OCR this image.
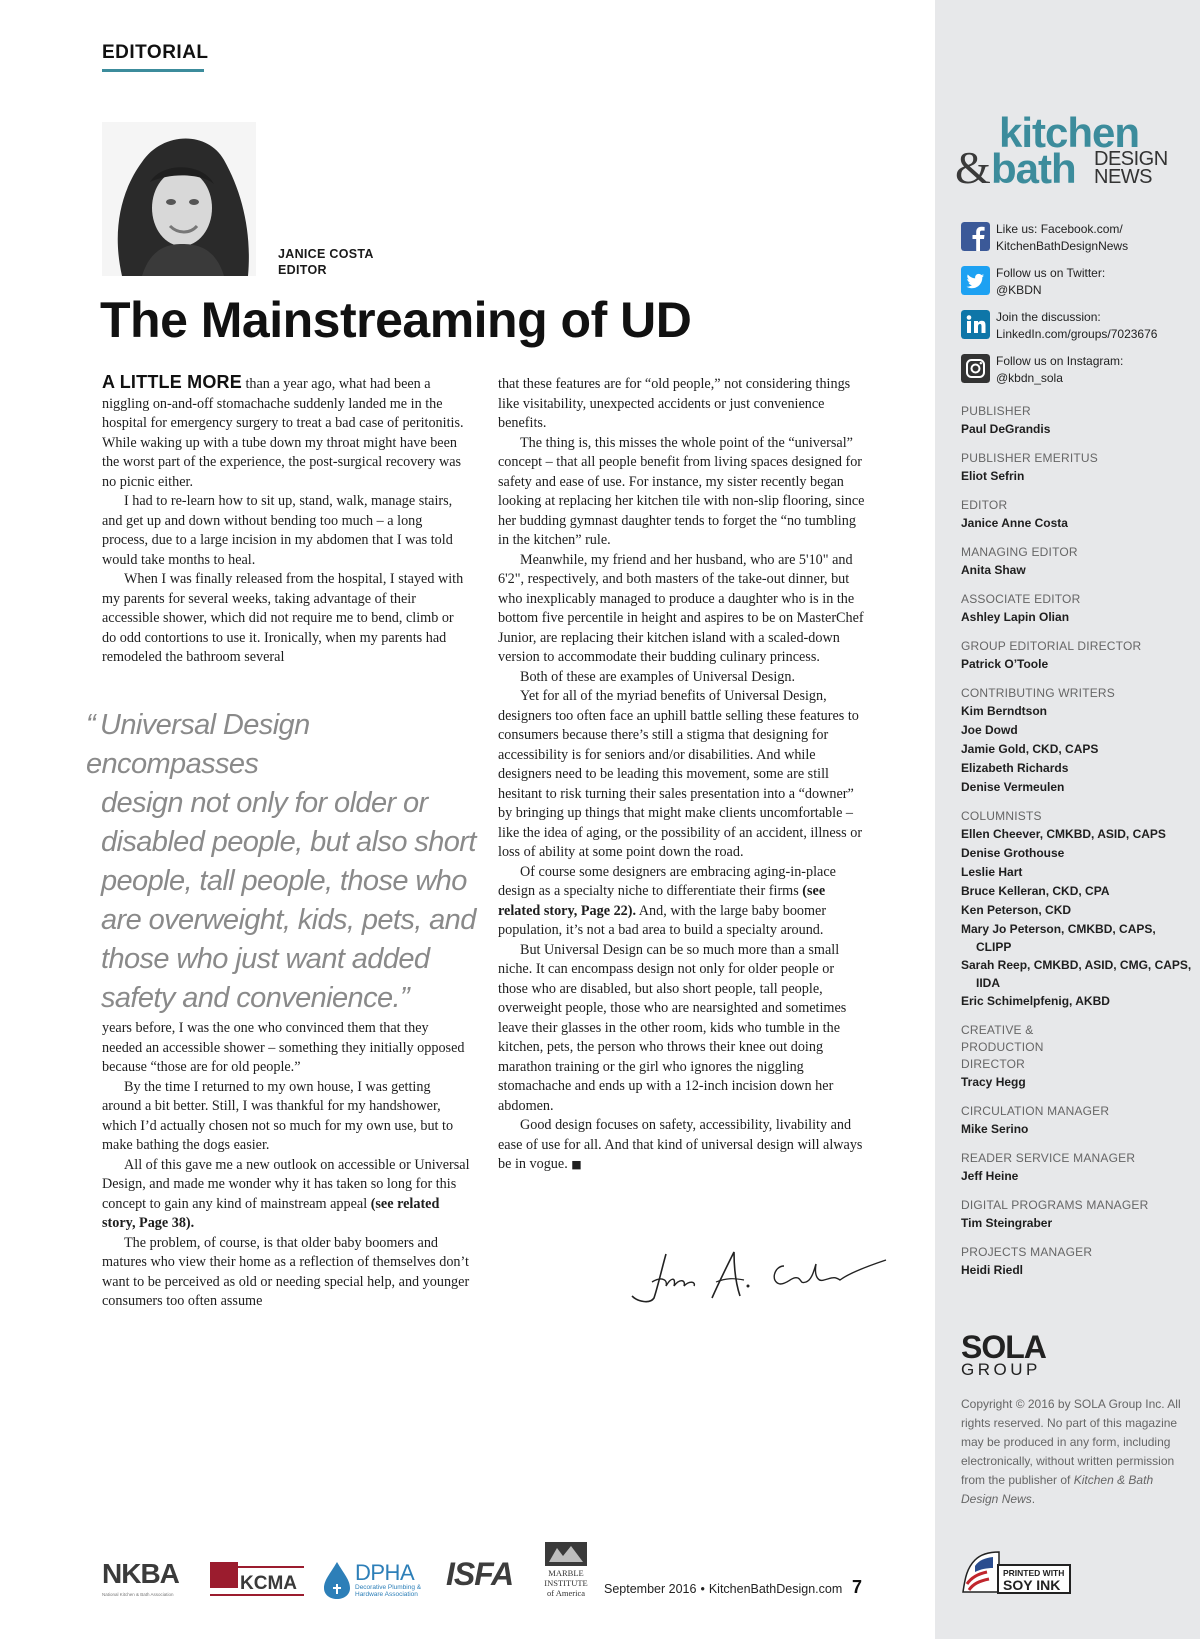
EDITORIAL
JANICE COSTA
EDITOR
The Mainstreaming of UD

A LITTLE MORE than a year ago, what had been a niggling on-and-off stomachache suddenly landed me in the hospital for emergency surgery to treat a bad case of peritonitis. While waking up with a tube down my throat might have been the worst part of the experience, the post-surgical recovery was no picnic either.

I had to re-learn how to sit up, stand, walk, manage stairs, and get up and down without bending too much – a long process, due to a large incision in my abdomen that I was told would take months to heal.

When I was finally released from the hospital, I stayed with my parents for several weeks, taking advantage of their accessible shower, which did not require me to bend, climb or do odd contortions to use it. Ironically, when my parents had remodeled the bathroom several

“ Universal Design encompasses
design not only for older or
disabled people, but also short
people, tall people, those who
are overweight, kids, pets, and
those who just want added
safety and convenience.”

years before, I was the one who convinced them that they needed an accessible shower – something they initially opposed because “those are for old people.”

By the time I returned to my own house, I was getting around a bit better. Still, I was thankful for my handshower, which I’d actually chosen not so much for my own use, but to make bathing the dogs easier.

All of this gave me a new outlook on accessible or Universal Design, and made me wonder why it has taken so long for this concept to gain any kind of mainstream appeal (see related story, Page 38).

The problem, of course, is that older baby boomers and matures who view their home as a reflection of themselves don’t want to be perceived as old or needing special help, and younger consumers too often assume

that these features are for “old people,” not considering things like visitability, unexpected accidents or just convenience benefits.

The thing is, this misses the whole point of the “universal” concept – that all people benefit from living spaces designed for safety and ease of use. For instance, my sister recently began looking at replacing her kitchen tile with non-slip flooring, since her budding gymnast daughter tends to forget the “no tumbling in the kitchen” rule.

Meanwhile, my friend and her husband, who are 5'10" and 6'2", respectively, and both masters of the take-out dinner, but who inexplicably managed to produce a daughter who is in the bottom five percentile in height and aspires to be on MasterChef Junior, are replacing their kitchen island with a scaled-down version to accommodate their budding culinary princess.

Both of these are examples of Universal Design.

Yet for all of the myriad benefits of Universal Design, designers too often face an uphill battle selling these features to consumers because there’s still a stigma that designing for accessibility is for seniors and/or disabilities. And while designers need to be leading this movement, some are still hesitant to risk turning their sales presentation into a “downer” by bringing up things that might make clients uncomfortable – like the idea of aging, or the possibility of an accident, illness or loss of ability at some point down the road.

Of course some designers are embracing aging-in-place design as a specialty niche to differentiate their firms (see related story, Page 22). And, with the large baby boomer population, it’s not a bad area to build a specialty around.

But Universal Design can be so much more than a small niche. It can encompass design not only for older people or those who are disabled, but also short people, tall people, overweight people, those who are nearsighted and sometimes leave their glasses in the other room, kids who tumble in the kitchen, pets, the person who throws their knee out doing marathon training or the girl who ignores the niggling stomachache and ends up with a 12-inch incision down her abdomen.

Good design focuses on safety, accessibility, livability and ease of use for all. And that kind of universal design will always be in vogue. ■

NKBA
National Kitchen & Bath Association
KCMA	DPHA
Decorative Plumbing & Hardware Association
ISFA	MARBLE INSTITUTE of America	September 2016 • KitchenBathDesign.com 7
kitchen
& bath DESIGN
NEWS
Like us: Facebook.com/
KitchenBathDesignNews
Follow us on Twitter:
@KBDN
Join the discussion:
LinkedIn.com/groups/7023676
Follow us on Instagram:
@kbdn_sola
PUBLISHER
Paul DeGrandis
PUBLISHER EMERITUS
Eliot Sefrin
EDITOR
Janice Anne Costa
MANAGING EDITOR
Anita Shaw
ASSOCIATE EDITOR
Ashley Lapin Olian
GROUP EDITORIAL DIRECTOR
Patrick O’Toole
CONTRIBUTING WRITERS
Kim Berndtson
Joe Dowd
Jamie Gold, CKD, CAPS
Elizabeth Richards
Denise Vermeulen
COLUMNISTS
Ellen Cheever, CMKBD, ASID, CAPS
Denise Grothouse
Leslie Hart
Bruce Kelleran, CKD, CPA
Ken Peterson, CKD
Mary Jo Peterson, CMKBD, CAPS, CLIPP
Sarah Reep, CMKBD, ASID, CMG, CAPS, IIDA
Eric Schimelpfenig, AKBD
CREATIVE & PRODUCTION DIRECTOR
Tracy Hegg
CIRCULATION MANAGER
Mike Serino
READER SERVICE MANAGER
Jeff Heine
DIGITAL PROGRAMS MANAGER
Tim Steingraber
PROJECTS MANAGER
Heidi Riedl
SOLA
GROUP
Copyright © 2016 by SOLA Group Inc. All rights reserved. No part of this magazine may be produced in any form, including electronically, without written permission from the publisher of Kitchen & Bath Design News.
PRINTED WITH
SOY INK
